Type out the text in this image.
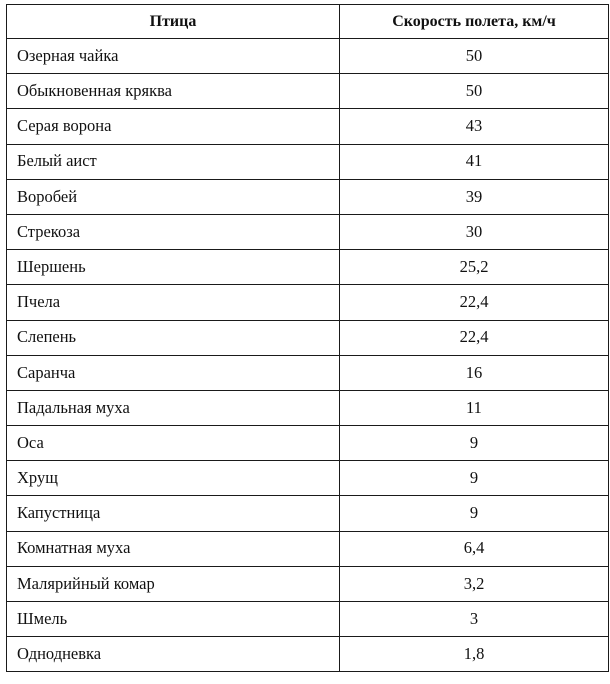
Птица	Скорость полета, км/ч
Озерная чайка	50
Обыкновенная кряква	50
Серая ворона	43
Белый аист	41
Воробей	39
Стрекоза	30
Шершень	25,2
Пчела	22,4
Слепень	22,4
Саранча	16
Падальная муха	11
Оса	9
Хрущ	9
Капустница	9
Комнатная муха	6,4
Малярийный комар	3,2
Шмель	3
Однодневка	1,8
